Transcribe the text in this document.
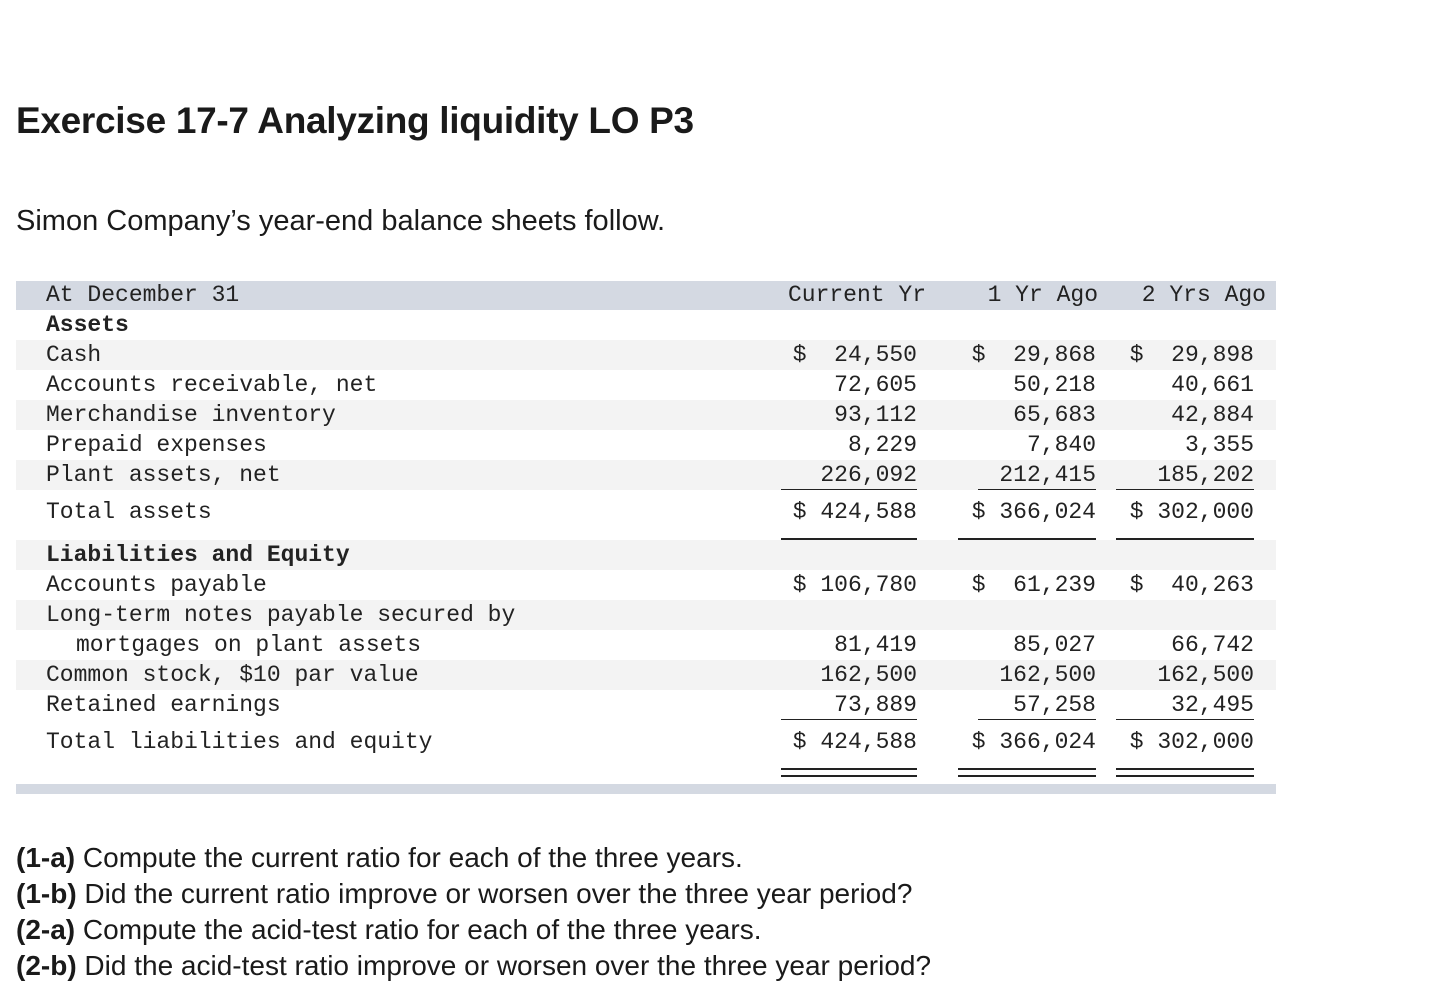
Exercise 17-7 Analyzing liquidity LO P3

Simon Company’s year-end balance sheets follow.

At December 31	Current Yr	1 Yr Ago	2 Yrs Ago
Assets
Cash	$  24,550	$  29,868	$  29,898
Accounts receivable, net	72,605	50,218	40,661
Merchandise inventory	93,112	65,683	42,884
Prepaid expenses	8,229	7,840	3,355
Plant assets, net	226,092	212,415	185,202
Total assets	$ 424,588	$ 366,024	$ 302,000
Liabilities and Equity
Accounts payable	$ 106,780	$  61,239	$  40,263
Long-term notes payable secured by
mortgages on plant assets	81,419	85,027	66,742
Common stock, $10 par value	162,500	162,500	162,500
Retained earnings	73,889	57,258	32,495
Total liabilities and equity	$ 424,588	$ 366,024	$ 302,000
(1-a) Compute the current ratio for each of the three years.
(1-b) Did the current ratio improve or worsen over the three year period?
(2-a) Compute the acid-test ratio for each of the three years.
(2-b) Did the acid-test ratio improve or worsen over the three year period?
